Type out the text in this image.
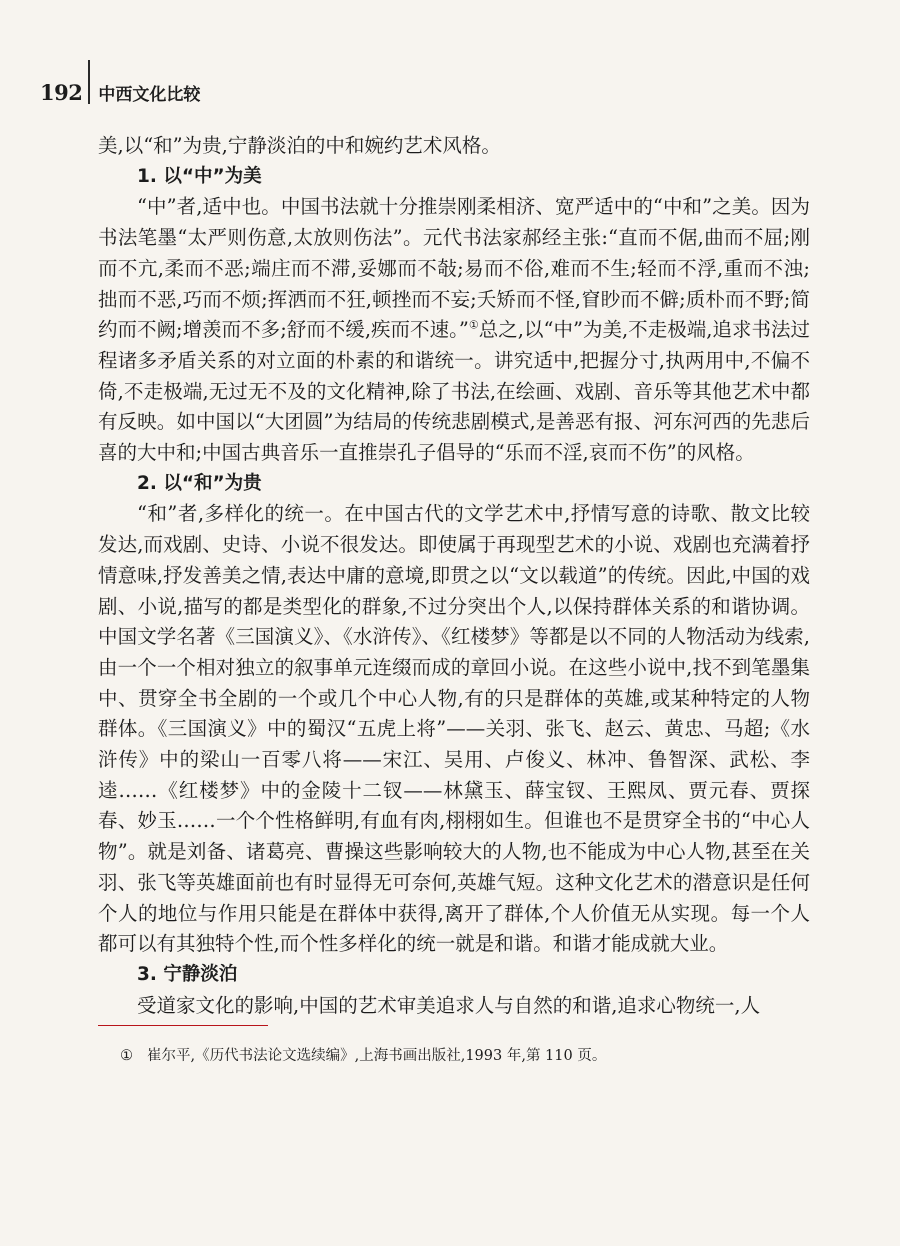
192 中西文化比较

美,以“和”为贵,宁静淡泊的中和婉约艺术风格。

1. 以“中”为美

“中”者,适中也。中国书法就十分推崇刚柔相济、宽严适中的“中和”之美。因为书法笔墨“太严则伤意,太放则伤法”。元代书法家郝经主张:“直而不倨,曲而不屈;刚而不亢,柔而不恶;端庄而不滞,妥娜而不敧;易而不俗,难而不生;轻而不浮,重而不浊;拙而不恶,巧而不烦;挥洒而不狂,顿挫而不妄;夭矫而不怪,窅眇而不僻;质朴而不野;简约而不阙;增羡而不多;舒而不缓,疾而不速。”①总之,以“中”为美,不走极端,追求书法过程诸多矛盾关系的对立面的朴素的和谐统一。讲究适中,把握分寸,执两用中,不偏不倚,不走极端,无过无不及的文化精神,除了书法,在绘画、戏剧、音乐等其他艺术中都有反映。如中国以“大团圆”为结局的传统悲剧模式,是善恶有报、河东河西的先悲后喜的大中和;中国古典音乐一直推崇孔子倡导的“乐而不淫,哀而不伤”的风格。

2. 以“和”为贵

“和”者,多样化的统一。在中国古代的文学艺术中,抒情写意的诗歌、散文比较发达,而戏剧、史诗、小说不很发达。即使属于再现型艺术的小说、戏剧也充满着抒情意味,抒发善美之情,表达中庸的意境,即贯之以“文以载道”的传统。因此,中国的戏剧、小说,描写的都是类型化的群象,不过分突出个人,以保持群体关系的和谐协调。中国文学名著《三国演义》、《水浒传》、《红楼梦》等都是以不同的人物活动为线索,由一个一个相对独立的叙事单元连缀而成的章回小说。在这些小说中,找不到笔墨集中、贯穿全书全剧的一个或几个中心人物,有的只是群体的英雄,或某种特定的人物群体。《三国演义》中的蜀汉“五虎上将”——关羽、张飞、赵云、黄忠、马超;《水浒传》中的梁山一百零八将——宋江、吴用、卢俊义、林冲、鲁智深、武松、李逵……《红楼梦》中的金陵十二钗——林黛玉、薛宝钗、王熙凤、贾元春、贾探春、妙玉……一个个性格鲜明,有血有肉,栩栩如生。但谁也不是贯穿全书的“中心人物”。就是刘备、诸葛亮、曹操这些影响较大的人物,也不能成为中心人物,甚至在关羽、张飞等英雄面前也有时显得无可奈何,英雄气短。这种文化艺术的潜意识是任何个人的地位与作用只能是在群体中获得,离开了群体,个人价值无从实现。每一个人都可以有其独特个性,而个性多样化的统一就是和谐。和谐才能成就大业。

3. 宁静淡泊

受道家文化的影响,中国的艺术审美追求人与自然的和谐,追求心物统一,人

① 崔尔平,《历代书法论文选续编》,上海书画出版社,1993 年,第 110 页。
